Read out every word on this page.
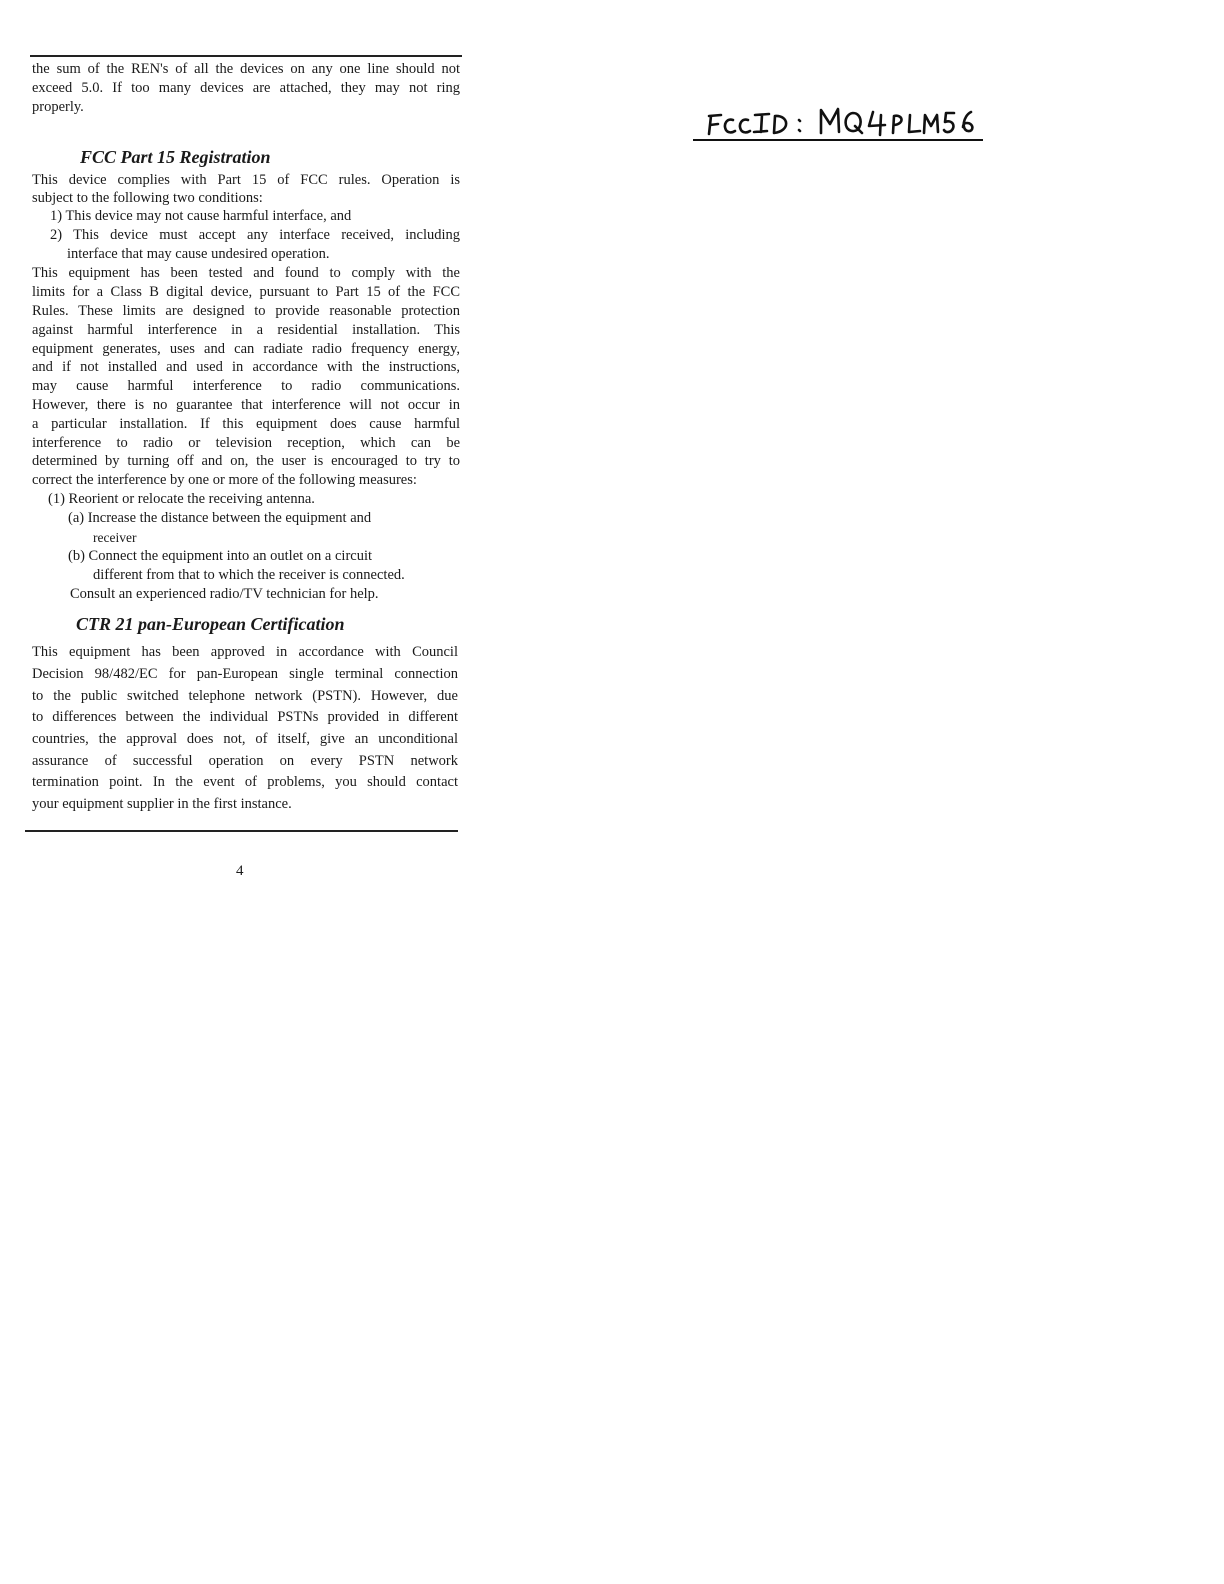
the sum of the REN's of all the devices on any one line should not
exceed 5.0. If too many devices are attached, they may not ring
properly.
FCC Part 15 Registration
This device complies with Part 15 of FCC rules. Operation is
subject to the following two conditions:
1) This device may not cause harmful interface, and
2) This device must accept any interface received, including
interface that may cause undesired operation.
This equipment has been tested and found to comply with the
limits for a Class B digital device, pursuant to Part 15 of the FCC
Rules. These limits are designed to provide reasonable protection
against harmful interference in a residential installation. This
equipment generates, uses and can radiate radio frequency energy,
and if not installed and used in accordance with the instructions,
may cause harmful interference to radio communications.
However, there is no guarantee that interference will not occur in
a particular installation. If this equipment does cause harmful
interference to radio or television reception, which can be
determined by turning off and on, the user is encouraged to try to
correct the interference by one or more of the following measures:
(1) Reorient or relocate the receiving antenna.
(a) Increase the distance between the equipment and
receiver
(b) Connect the equipment into an outlet on a circuit
different from that to which the receiver is connected.
Consult an experienced radio/TV technician for help.
CTR 21 pan-European Certification
This equipment has been approved in accordance with Council
Decision 98/482/EC for pan-European single terminal connection
to the public switched telephone network (PSTN). However, due
to differences between the individual PSTNs provided in different
countries, the approval does not, of itself, give an unconditional
assurance of successful operation on every PSTN network
termination point. In the event of problems, you should contact
your equipment supplier in the first instance.
4
